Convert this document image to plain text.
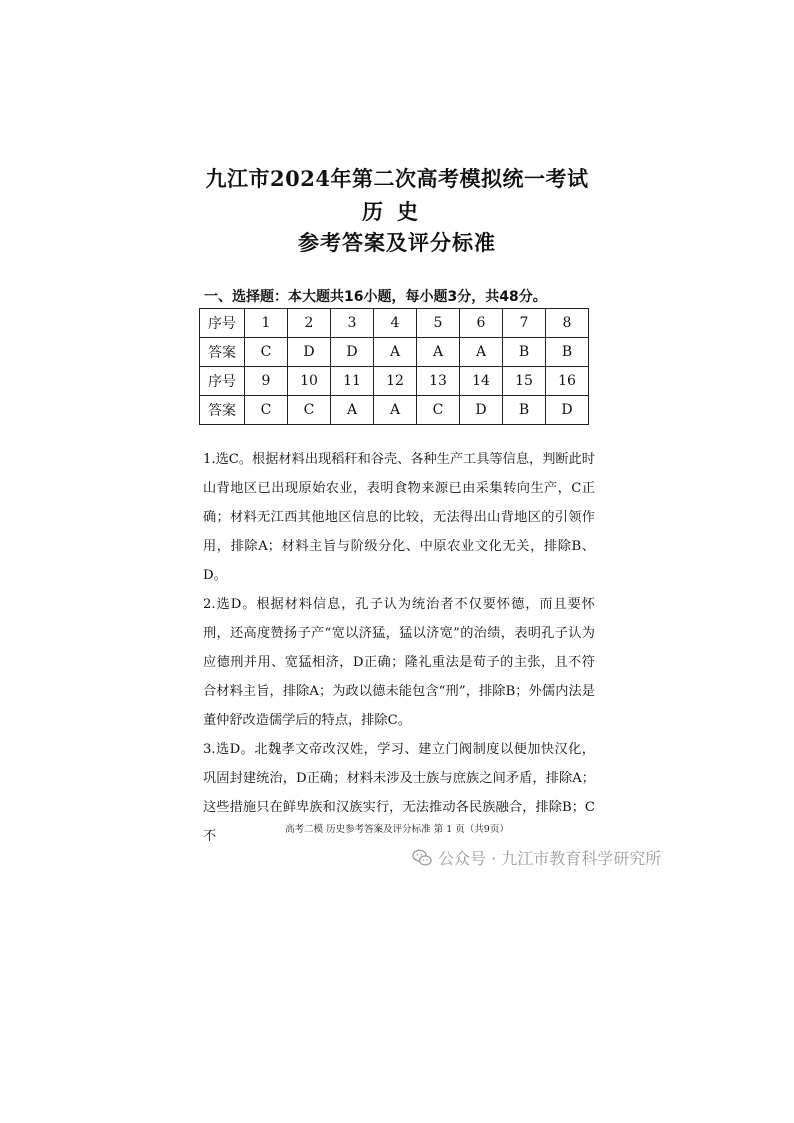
九江市2024年第二次高考模拟统一考试
历史
参考答案及评分标准
一、选择题：本大题共16小题，每小题3分，共48分。
序号	1	2	3	4	5	6	7	8
答案	C	D	D	A	A	A	B	B
序号	9	10	11	12	13	14	15	16
答案	C	C	A	A	C	D	B	D

1.选C。根据材料出现稻秆和谷壳、各种生产工具等信息，判断此时山背地区已出现原始农业，表明食物来源已由采集转向生产，C正确；材料无江西其他地区信息的比较，无法得出山背地区的引领作用，排除A；材料主旨与阶级分化、中原农业文化无关，排除B、D。

2.选D。根据材料信息，孔子认为统治者不仅要怀德，而且要怀刑，还高度赞扬子产“宽以济猛，猛以济宽”的治绩，表明孔子认为应德刑并用、宽猛相济，D正确；隆礼重法是荀子的主张，且不符合材料主旨，排除A；为政以德未能包含“刑”，排除B；外儒内法是董仲舒改造儒学后的特点，排除C。

3.选D。北魏孝文帝改汉姓，学习、建立门阀制度以便加快汉化，巩固封建统治，D正确；材料未涉及士族与庶族之间矛盾，排除A；这些措施只在鲜卑族和汉族实行，无法推动各民族融合，排除B；C不	高考二模 历史参考答案及评分标准 第 1 页（共9页）
公众号 · 九江市教育科学研究所
